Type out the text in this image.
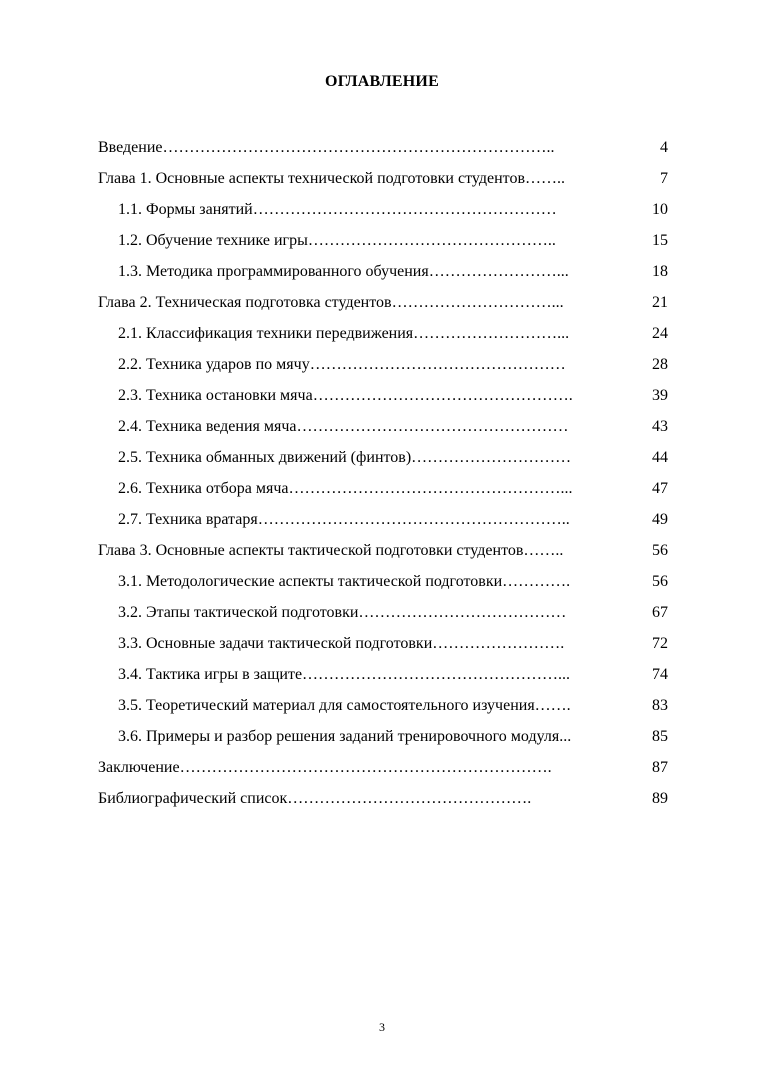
ОГЛАВЛЕНИЕ
Введение………………………………………………………………..	4
Глава 1. Основные аспекты технической подготовки студентов……..	7
1.1. Формы занятий…………………………………………………	10
1.2. Обучение технике игры………………………………………..	15
1.3. Методика программированного обучения……………………...	18
Глава 2. Техническая подготовка студентов…………………………...	21
2.1. Классификация техники передвижения………………………...	24
2.2. Техника ударов по мячу…………………………………………	28
2.3. Техника остановки мяча………………………………………….	39
2.4. Техника ведения мяча……………………………………………	43
2.5. Техника обманных движений (финтов)…………………………	44
2.6. Техника отбора мяча……………………………………………...	47
2.7. Техника вратаря…………………………………………………..	49
Глава 3. Основные аспекты тактической подготовки студентов……..	56
3.1. Методологические аспекты тактической подготовки………….	56
3.2. Этапы тактической подготовки…………………………………	67
3.3. Основные задачи тактической подготовки…………………….	72
3.4. Тактика игры в защите…………………………………………...	74
3.5. Теоретический материал для самостоятельного изучения…….	83
3.6. Примеры и разбор решения заданий тренировочного модуля...	85
Заключение…………………………………………………………….	87
Библиографический список……………………………………….	89
3
